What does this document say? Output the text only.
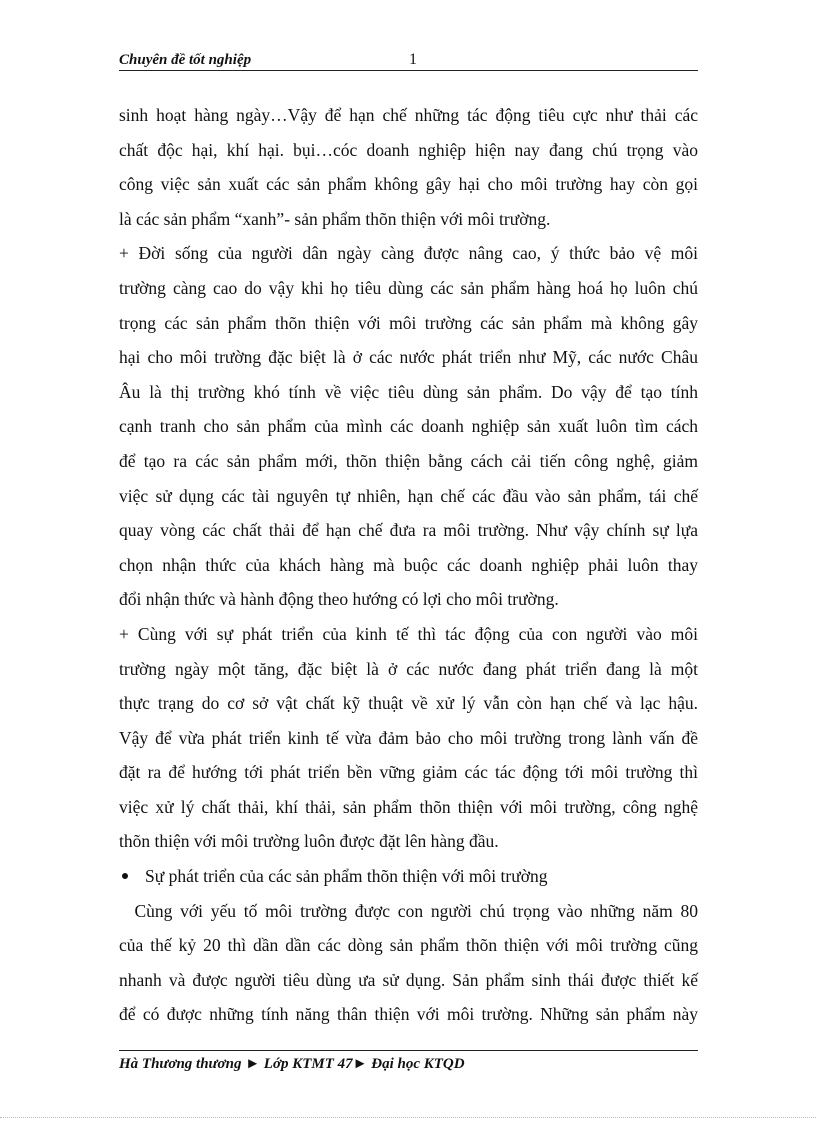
Chuyên đề tốt nghiệp	1
sinh hoạt hàng ngày…Vậy để hạn chế những tác động tiêu cực như thải các
chất độc hại, khí hại. bụi…cóc doanh nghiệp hiện nay đang chú trọng vào
công việc sản xuất các sản phẩm không gây hại cho môi trường hay còn gọi
là các sản phẩm “xanh”- sản phẩm thõn thiện với môi trường.
+ Đời sống của người dân ngày càng được nâng cao, ý thức bảo vệ môi
trường càng cao do vậy khi họ tiêu dùng các sản phẩm hàng hoá họ luôn chú
trọng các sản phẩm thõn thiện với môi trường các sản phẩm mà không gây
hại cho môi trường đặc biệt là ở các nước phát triển như Mỹ, các nước Châu
Âu là thị trường khó tính về việc tiêu dùng sản phẩm. Do vậy để tạo tính
cạnh tranh cho sản phẩm của mình các doanh nghiệp sản xuất luôn tìm cách
để tạo ra các sản phẩm mới, thõn thiện bằng cách cải tiến công nghệ, giảm
việc sử dụng các tài nguyên tự nhiên, hạn chế các đầu vào sản phẩm, tái chế
quay vòng các chất thải để hạn chế đưa ra môi trường. Như vậy chính sự lựa
chọn nhận thức của khách hàng mà buộc các doanh nghiệp phải luôn thay
đổi nhận thức và hành động theo hướng có lợi cho môi trường.
+ Cùng với sự phát triển của kinh tế thì tác động của con người vào môi
trường ngày một tăng, đặc biệt là ở các nước đang phát triển đang là một
thực trạng do cơ sở vật chất kỹ thuật về xử lý vẫn còn hạn chế và lạc hậu.
Vậy để vừa phát triển kinh tế vừa đảm bảo cho môi trường trong lành vấn đề
đặt ra để hướng tới phát triển bền vững giảm các tác động tới môi trường thì
việc xử lý chất thải, khí thải, sản phẩm thõn thiện với môi trường, công nghệ
thõn thiện với môi trường luôn được đặt lên hàng đầu.
Sự phát triển của các sản phẩm thõn thiện với môi trường
Cùng với yếu tố môi trường được con người chú trọng vào những năm 80
của thế kỷ 20 thì dần dần các dòng sản phẩm thõn thiện với môi trường cũng
nhanh và được người tiêu dùng ưa sử dụng. Sản phẩm sinh thái được thiết kế
để có được những tính năng thân thiện với môi trường. Những sản phẩm này
Hà Thương thương ► Lớp KTMT 47► Đại học KTQD
